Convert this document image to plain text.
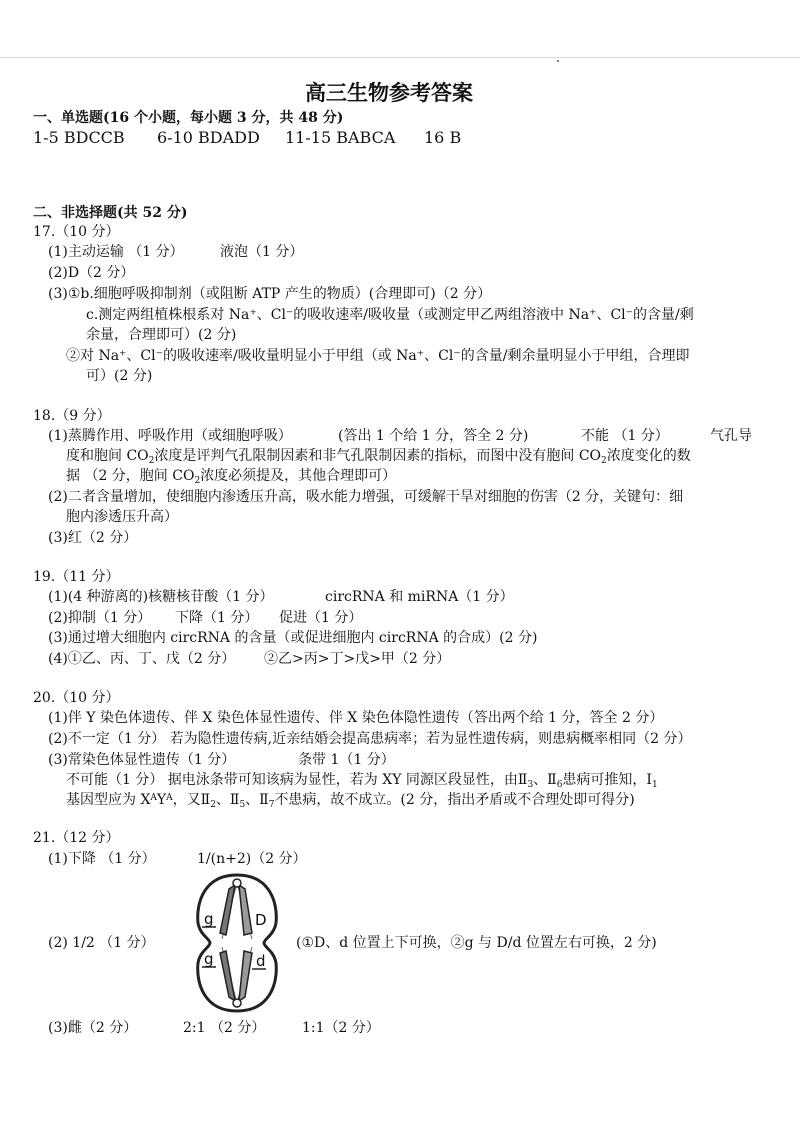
高三生物参考答案
一、单选题(16 个小题，每小题 3 分，共 48 分)
1-5 BDCCB 6-10 BDADD 11-15 BABCA 16 B
二、非选择题(共 52 分)
17.（10 分）
(1)主动运输 （1 分）	液泡（1 分）
(2)D（2 分）
(3)①b.细胞呼吸抑制剂（或阻断 ATP 产生的物质）(合理即可)（2 分）
c.测定两组植株根系对 Na⁺、Cl⁻的吸收速率/吸收量（或测定甲乙两组溶液中 Na⁺、Cl⁻的含量/剩
余量，合理即可）(2 分)
②对 Na⁺、Cl⁻的吸收速率/吸收量明显小于甲组（或 Na⁺、Cl⁻的含量/剩余量明显小于甲组，合理即
可）(2 分)
18.（9 分）
(1)蒸腾作用、呼吸作用（或细胞呼吸）	(答出 1 个给 1 分，答全 2 分)	不能 （1 分）	气孔导
度和胞间 $CO_2$浓度是评判气孔限制因素和非气孔限制因素的指标，而图中没有胞间 $CO_2$浓度变化的数
据 （2 分，胞间 $CO_2$浓度必须提及，其他合理即可）
(2)二者含量增加，使细胞内渗透压升高，吸水能力增强，可缓解干旱对细胞的伤害（2 分，关键句：细
胞内渗透压升高）
(3)红（2 分）
19.（11 分）
(1)(4 种游离的)核糖核苷酸（1 分）	circRNA 和 miRNA（1 分）
(2)抑制（1 分） 下降（1 分） 促进（1 分）
(3)通过增大细胞内 circRNA 的含量（或促进细胞内 circRNA 的合成）(2 分)
(4)①乙、丙、丁、戊（2 分） ②乙>丙>丁>戊>甲（2 分）
20.（10 分）
(1)伴 Y 染色体遗传、伴 X 染色体显性遗传、伴 X 染色体隐性遗传（答出两个给 1 分，答全 2 分）
(2)不一定（1 分） 若为隐性遗传病,近亲结婚会提高患病率；若为显性遗传病，则患病概率相同（2 分）
(3)常染色体显性遗传（1 分）	条带 1（1 分）
不可能（1 分） 据电泳条带可知该病为显性，若为 XY 同源区段显性，由$Ⅱ_3$、$Ⅱ_6$患病可推知，$Ⅰ_1$
基因型应为 $X^AY^A$，又$Ⅱ_2$、$Ⅱ_5$、$Ⅱ_7$不患病，故不成立。(2 分，指出矛盾或不合理处即可得分)
21.（12 分）
(1)下降 （1 分）	1/(n+2)（2 分）
(2) 1/2 （1 分）	(①D、d 位置上下可换，②g 与 D/d 位置左右可换，2 分)
(3)雌（2 分）	2:1 （2 分）	1:1（2 分）
g	D
g	d
